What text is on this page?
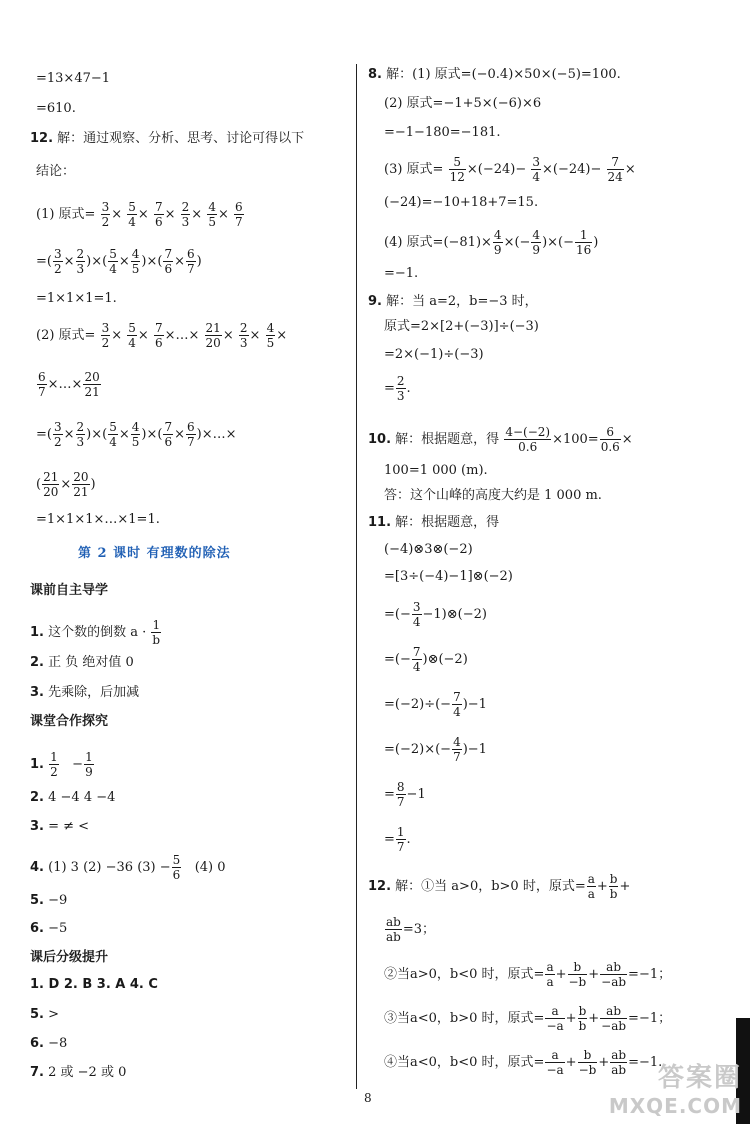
=13×47−1
=610.
12. 解：通过观察、分析、思考、讨论可得以下
结论：
(1) 原式= $\frac{3}{2} \times \frac{5}{4} \times \frac{7}{6} \times \frac{2}{3} \times \frac{4}{5} \times \frac{6}{7}$
=( $\frac{3}{2} \times \frac{2}{3}$ )×( $\frac{5}{4} \times \frac{4}{5}$ )×( $\frac{7}{6} \times \frac{6}{7}$ )
=1×1×1=1.
(2) 原式= $\frac{3}{2} \times \frac{5}{4} \times \frac{7}{6}$ ×…× $\frac{21}{20} \times \frac{2}{3} \times \frac{4}{5}$ ×
$\frac{6}{7}$ ×…× $\frac{20}{21}$
=( $\frac{3}{2} \times \frac{2}{3}$ )×( $\frac{5}{4} \times \frac{4}{5}$ )×( $\frac{7}{6} \times \frac{6}{7}$ )×…×
( $\frac{21}{20} \times \frac{20}{21}$ )
=1×1×1×…×1=1.
第 2 课时 有理数的除法
课前自主导学
1. 这个数的倒数 $a \cdot \frac{1}{b}$
2. 正 负 绝对值 0
3. 先乘除，后加减
课堂合作探究
1. $\frac{1}{2} - \frac{1}{9}$
2. 4 −4 4 −4
3. = ≠ <
4. (1) 3 (2) −36 $(3) - \frac{5}{6} (4)$ 0
5. −9
6. −5
课后分级提升
1. D 2. B 3. A 4. C
5. >
6. −8
7. 2 或 −2 或 0
8. 解：(1) 原式=(−0.4)×50×(−5)=100.
(2) 原式=−1+5×(−6)×6
=−1−180=−181.
(3) 原式= $\frac{5}{12} \times(-24)- \frac{3}{4} \times(-24)- \frac{7}{24}$ ×
(−24)=−10+18+7=15.
(4) 原式$=(-81)\times \frac{4}{9}$ ×(− $\frac{4}{9}$ )×(− $\frac{1}{16}$ )
=−1.
9. 解：当 a=2，b=−3 时，
原式=2×[2+(−3)]÷(−3)
=2×(−1)÷(−3)
= $\frac{2}{3}$ .
10. 解：根据题意，得 $\frac{4-(-2)}{0.6} \times 100= \frac{6}{0.6}$ ×
100=1 000 (m).
答：这个山峰的高度大约是 1 000 m.
11. 解：根据题意，得
(−4)⊗3⊗(−2)
=[3÷(−4)−1]⊗(−2)
=(− $\frac{3}{4}$ −1)⊗(−2)
=(− $\frac{7}{4}$ )⊗(−2)
$=(-2)\div(- \frac{7}{4} )-1$
$=(-2)\times(- \frac{4}{7} )-1$
= $\frac{8}{7} -1$
= $\frac{1}{7}$ .
12. 解：①当 a>0，b>0 时，原式= $\frac{a}{a} + \frac{b}{b}$ +
$\frac{ab}{ab} =3$；
②当a>0，b<0 时，原式= $\frac{a}{a} + \frac{b}{-b} + \frac{ab}{-ab} =-1$；
③当a<0，b>0 时，原式= $\frac{a}{-a} + \frac{b}{b} + \frac{ab}{-ab} =-1$；
④当a<0，b<0 时，原式= $\frac{a}{-a} + \frac{b}{-b} + \frac{ab}{ab} =-1$.
8
答案圈
MXQE.COM
